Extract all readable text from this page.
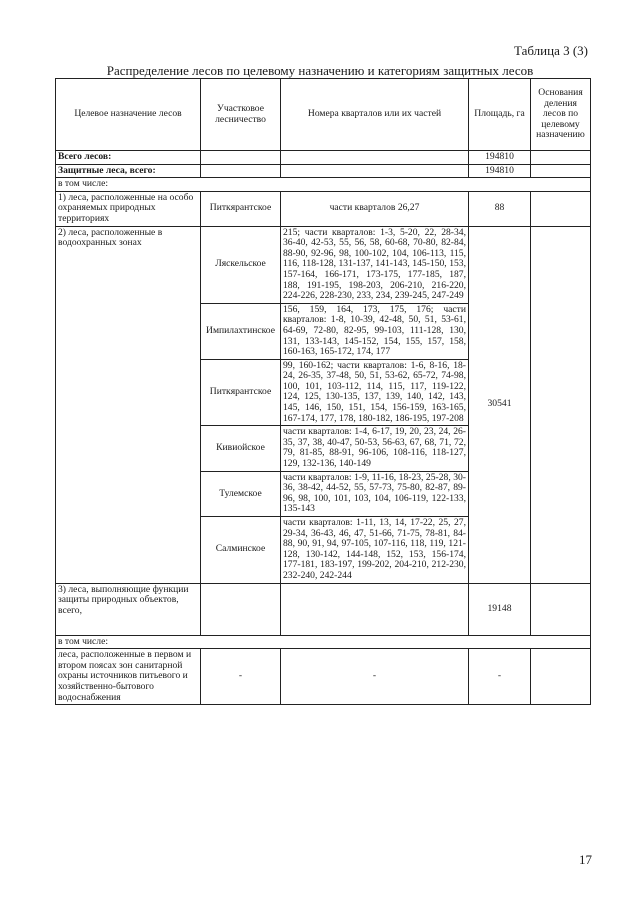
Таблица 3 (3)
Распределение лесов по целевому назначению и категориям защитных лесов
Целевое назначение лесов	Участковое лесничество	Номера кварталов или их частей	Площадь, га	Основания деления лесов по целевому назначению
Всего лесов:			194810	
Защитные леса, всего:			194810	
в том числе:				
1) леса, расположенные на особо охраняемых природных территориях	Питкярантское	части кварталов 26,27	88	
2) леса, расположенные в водоохранных зонах	Ляскельское	215; части кварталов: 1-3, 5-20, 22, 28-34, 36-40, 42-53, 55, 56, 58, 60-68, 70-80, 82-84, 88-90, 92-96, 98, 100-102, 104, 106-113, 115, 116, 118-128, 131-137, 141-143, 145-150, 153, 157-164, 166-171, 173-175, 177-185, 187, 188, 191-195, 198-203, 206-210, 216-220, 224-226, 228-230, 233, 234, 239-245, 247-249	30541	
	Импилахтинское	156, 159, 164, 173, 175, 176; части кварталов: 1-8, 10-39, 42-48, 50, 51, 53-61, 64-69, 72-80, 82-95, 99-103, 111-128, 130, 131, 133-143, 145-152, 154, 155, 157, 158, 160-163, 165-172, 174, 177		
	Питкярантское	99, 160-162; части кварталов: 1-6, 8-16, 18-24, 26-35, 37-48, 50, 51, 53-62, 65-72, 74-98, 100, 101, 103-112, 114, 115, 117, 119-122, 124, 125, 130-135, 137, 139, 140, 142, 143, 145, 146, 150, 151, 154, 156-159, 163-165, 167-174, 177, 178, 180-182, 186-195, 197-208		
	Кивиойское	части кварталов: 1-4, 6-17, 19, 20, 23, 24, 26-35, 37, 38, 40-47, 50-53, 56-63, 67, 68, 71, 72, 79, 81-85, 88-91, 96-106, 108-116, 118-127, 129, 132-136, 140-149		
	Тулемское	части кварталов: 1-9, 11-16, 18-23, 25-28, 30-36, 38-42, 44-52, 55, 57-73, 75-80, 82-87, 89-96, 98, 100, 101, 103, 104, 106-119, 122-133, 135-143		
	Салминское	части кварталов: 1-11, 13, 14, 17-22, 25, 27, 29-34, 36-43, 46, 47, 51-66, 71-75, 78-81, 84-88, 90, 91, 94, 97-105, 107-116, 118, 119, 121-128, 130-142, 144-148, 152, 153, 156-174, 177-181, 183-197, 199-202, 204-210, 212-230, 232-240, 242-244		
3) леса, выполняющие функции защиты природных объектов, всего,			19148	
в том числе:				
леса, расположенные в первом и втором поясах зон санитарной охраны источников питьевого и хозяйственно-бытового водоснабжения	-	-	-	
17
